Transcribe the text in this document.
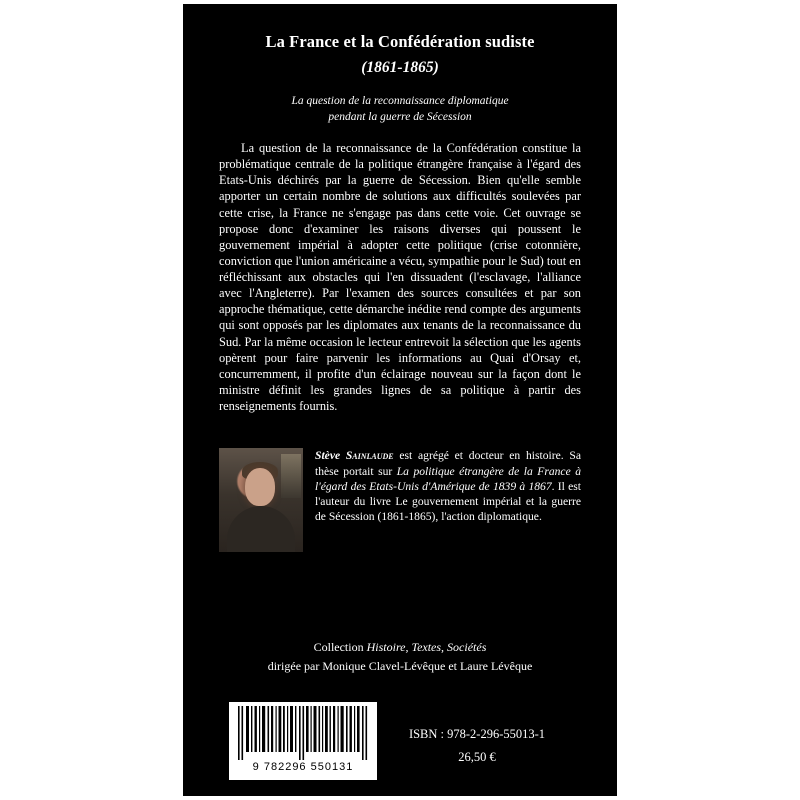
La France et la Confédération sudiste
(1861-1865)
La question de la reconnaissance diplomatique
pendant la guerre de Sécession
La question de la reconnaissance de la Confédération constitue la problématique centrale de la politique étrangère française à l'égard des Etats-Unis déchirés par la guerre de Sécession. Bien qu'elle semble apporter un certain nombre de solutions aux difficultés soulevées par cette crise, la France ne s'engage pas dans cette voie. Cet ouvrage se propose donc d'examiner les raisons diverses qui poussent le gouvernement impérial à adopter cette politique (crise cotonnière, conviction que l'union américaine a vécu, sympathie pour le Sud) tout en réfléchissant aux obstacles qui l'en dissuadent (l'esclavage, l'alliance avec l'Angleterre). Par l'examen des sources consultées et par son approche thématique, cette démarche inédite rend compte des arguments qui sont opposés par les diplomates aux tenants de la reconnaissance du Sud. Par la même occasion le lecteur entrevoit la sélection que les agents opèrent pour faire parvenir les informations au Quai d'Orsay et, concurremment, il profite d'un éclairage nouveau sur la façon dont le ministre définit les grandes lignes de sa politique à partir des renseignements fournis.
Stève Sainlaude est agrégé et docteur en histoire. Sa thèse portait sur La politique étrangère de la France à l'égard des Etats-Unis d'Amérique de 1839 à 1867. Il est l'auteur du livre Le gouvernement impérial et la guerre de Sécession (1861-1865), l'action diplomatique.
Collection Histoire, Textes, Sociétés
dirigée par Monique Clavel-Lévêque et Laure Lévêque
9 782296 550131
ISBN : 978-2-296-55013-1
26,50 €
